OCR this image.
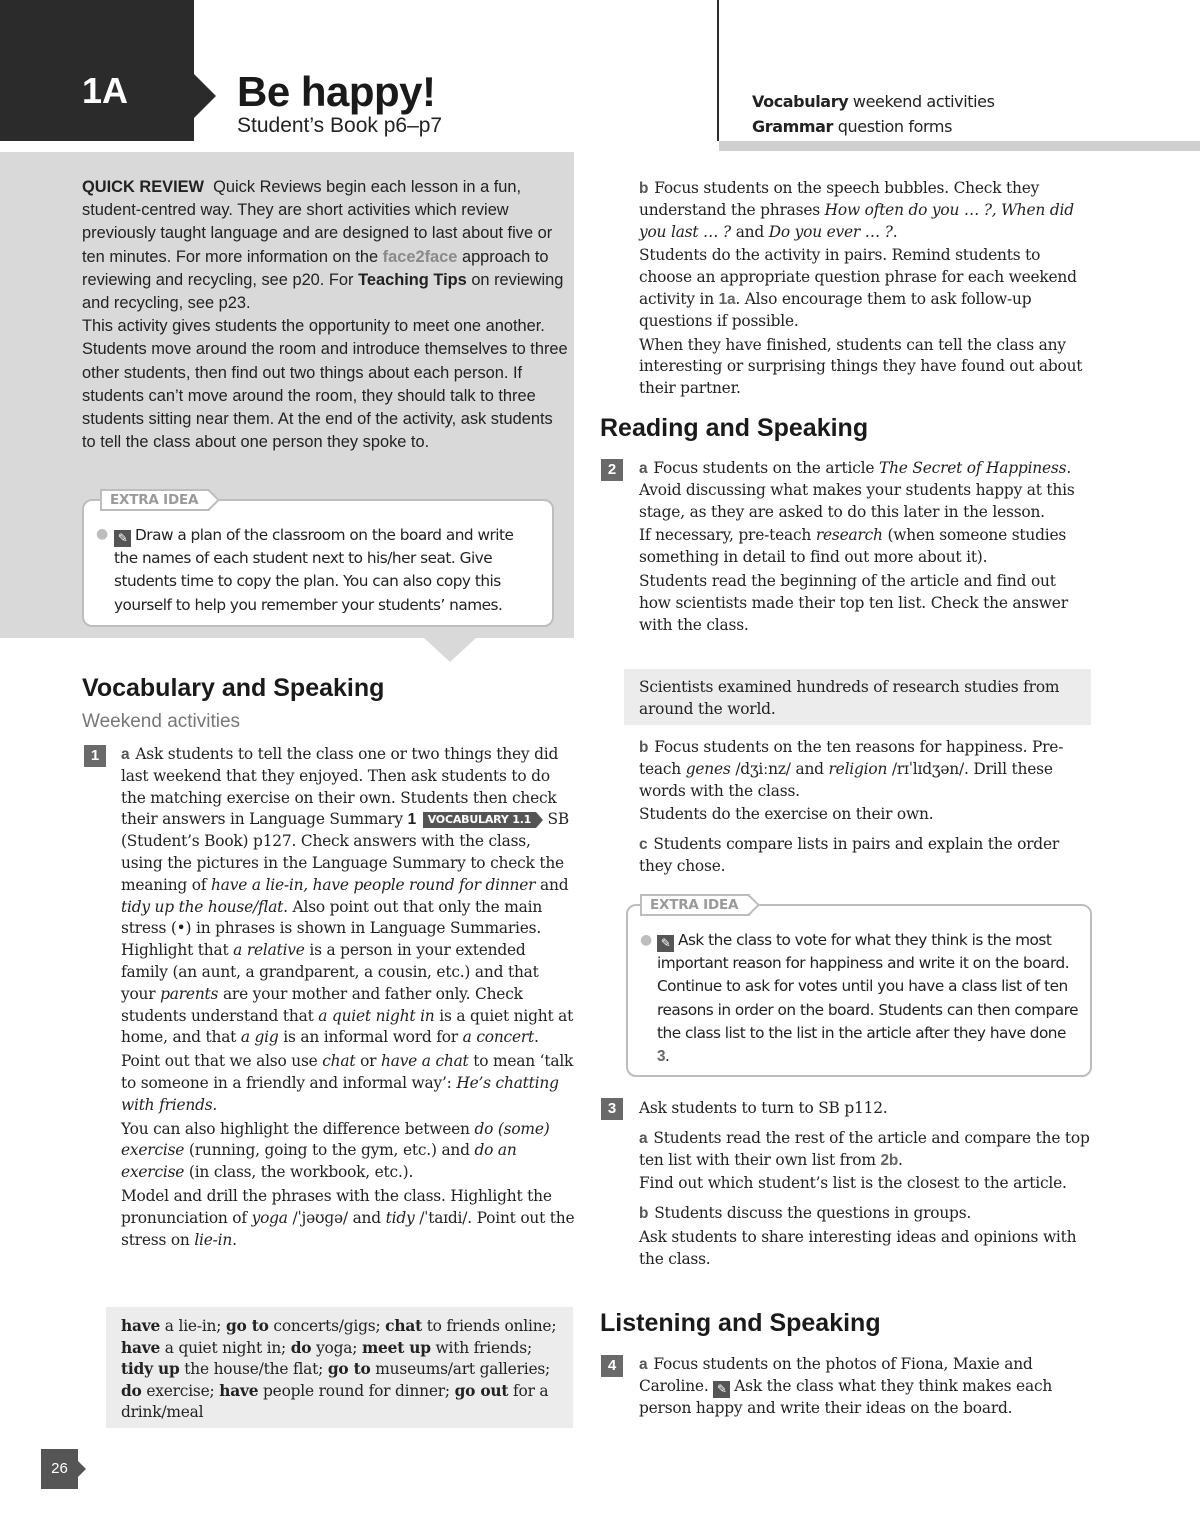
1A	Be happy!
Student’s Book p6–p7
Vocabulary weekend activities
Grammar question forms

QUICK REVIEW Quick Reviews begin each lesson in a fun, student-centred way. They are short activities which review previously taught language and are designed to last about five or ten minutes. For more information on the face2face approach to reviewing and recycling, see p20. For Teaching Tips on reviewing and recycling, see p23.

This activity gives students the opportunity to meet one another. Students move around the room and introduce themselves to three other students, then find out two things about each person. If students can’t move around the room, they should talk to three students sitting near them. At the end of the activity, ask students to tell the class about one person they spoke to.

EXTRA IDEA
● ✎ Draw a plan of the classroom on the board and write the names of each student next to his/her seat. Give students time to copy the plan. You can also copy this yourself to help you remember your students’ names.
Vocabulary and Speaking
Weekend activities
1	a Ask students to tell the class one or two things they did last weekend that they enjoyed. Then ask students to do the matching exercise on their own. Students then check their answers in Language Summary 1 VOCABULARY 1.1 SB (Student’s Book) p127. Check answers with the class, using the pictures in the Language Summary to check the meaning of have a lie-in, have people round for dinner and tidy up the house/flat. Also point out that only the main stress (•) in phrases is shown in Language Summaries. Highlight that a relative is a person in your extended family (an aunt, a grandparent, a cousin, etc.) and that your parents are your mother and father only. Check students understand that a quiet night in is a quiet night at home, and that a gig is an informal word for a concert.

Point out that we also use chat or have a chat to mean ‘talk to someone in a friendly and informal way’: He’s chatting with friends.

You can also highlight the difference between do (some) exercise (running, going to the gym, etc.) and do an exercise (in class, the workbook, etc.).

Model and drill the phrases with the class. Highlight the pronunciation of yoga /ˈjəʊɡə/ and tidy /ˈtaɪdi/. Point out the stress on lie-in.

have a lie-in; go to concerts/gigs; chat to friends online; have a quiet night in; do yoga; meet up with friends; tidy up the house/the flat; go to museums/art galleries; do exercise; have people round for dinner; go out for a drink/meal

b Focus students on the speech bubbles. Check they understand the phrases How often do you … ?, When did you last … ? and Do you ever … ?.

Students do the activity in pairs. Remind students to choose an appropriate question phrase for each weekend activity in 1a. Also encourage them to ask follow-up questions if possible.

When they have finished, students can tell the class any interesting or surprising things they have found out about their partner.

Reading and Speaking
2	a Focus students on the article The Secret of Happiness. Avoid discussing what makes your students happy at this stage, as they are asked to do this later in the lesson.

If necessary, pre-teach research (when someone studies something in detail to find out more about it).

Students read the beginning of the article and find out how scientists made their top ten list. Check the answer with the class.

Scientists examined hundreds of research studies from around the world.

b Focus students on the ten reasons for happiness. Pre-teach genes /dʒiːnz/ and religion /rɪˈlɪdʒən/. Drill these words with the class.

Students do the exercise on their own.

c Students compare lists in pairs and explain the order they chose.

EXTRA IDEA
● ✎ Ask the class to vote for what they think is the most important reason for happiness and write it on the board. Continue to ask for votes until you have a class list of ten reasons in order on the board. Students can then compare the class list to the list in the article after they have done 3.
3	Ask students to turn to SB p112.

a Students read the rest of the article and compare the top ten list with their own list from 2b.

Find out which student’s list is the closest to the article.

b Students discuss the questions in groups.

Ask students to share interesting ideas and opinions with the class.

Listening and Speaking
4	a Focus students on the photos of Fiona, Maxie and Caroline. ✎ Ask the class what they think makes each person happy and write their ideas on the board.

26
